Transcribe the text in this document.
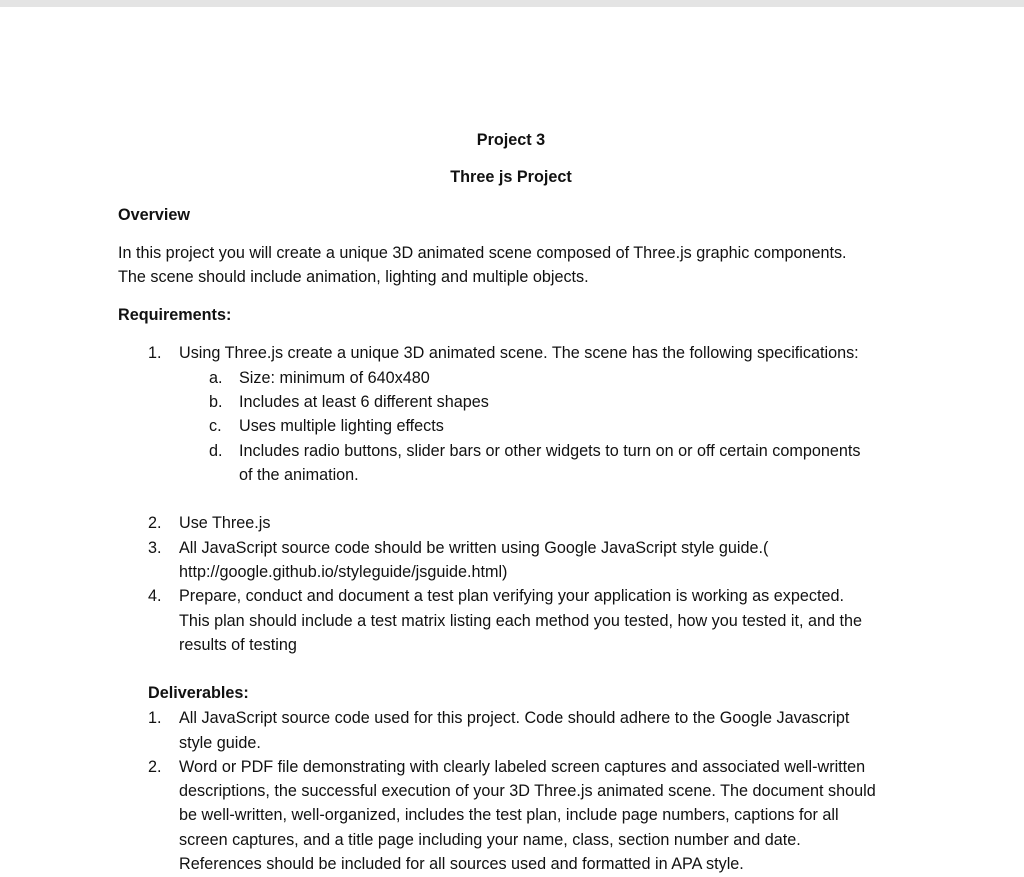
Project 3
Three js Project
Overview
In this project you will create a unique 3D animated scene composed of Three.js graphic components.
The scene should include animation, lighting and multiple objects.
Requirements:
1. Using Three.js create a unique 3D animated scene. The scene has the following specifications:
a. Size: minimum of 640x480
b. Includes at least 6 different shapes
c. Uses multiple lighting effects
d. Includes radio buttons, slider bars or other widgets to turn on or off certain components
of the animation.
2. Use Three.js
3. All JavaScript source code should be written using Google JavaScript style guide.(
http://google.github.io/styleguide/jsguide.html)
4. Prepare, conduct and document a test plan verifying your application is working as expected.
This plan should include a test matrix listing each method you tested, how you tested it, and the
results of testing
Deliverables:
1. All JavaScript source code used for this project. Code should adhere to the Google Javascript
style guide.
2. Word or PDF file demonstrating with clearly labeled screen captures and associated well-written
descriptions, the successful execution of your 3D Three.js animated scene. The document should
be well-written, well-organized, includes the test plan, include page numbers, captions for all
screen captures, and a title page including your name, class, section number and date.
References should be included for all sources used and formatted in APA style.
